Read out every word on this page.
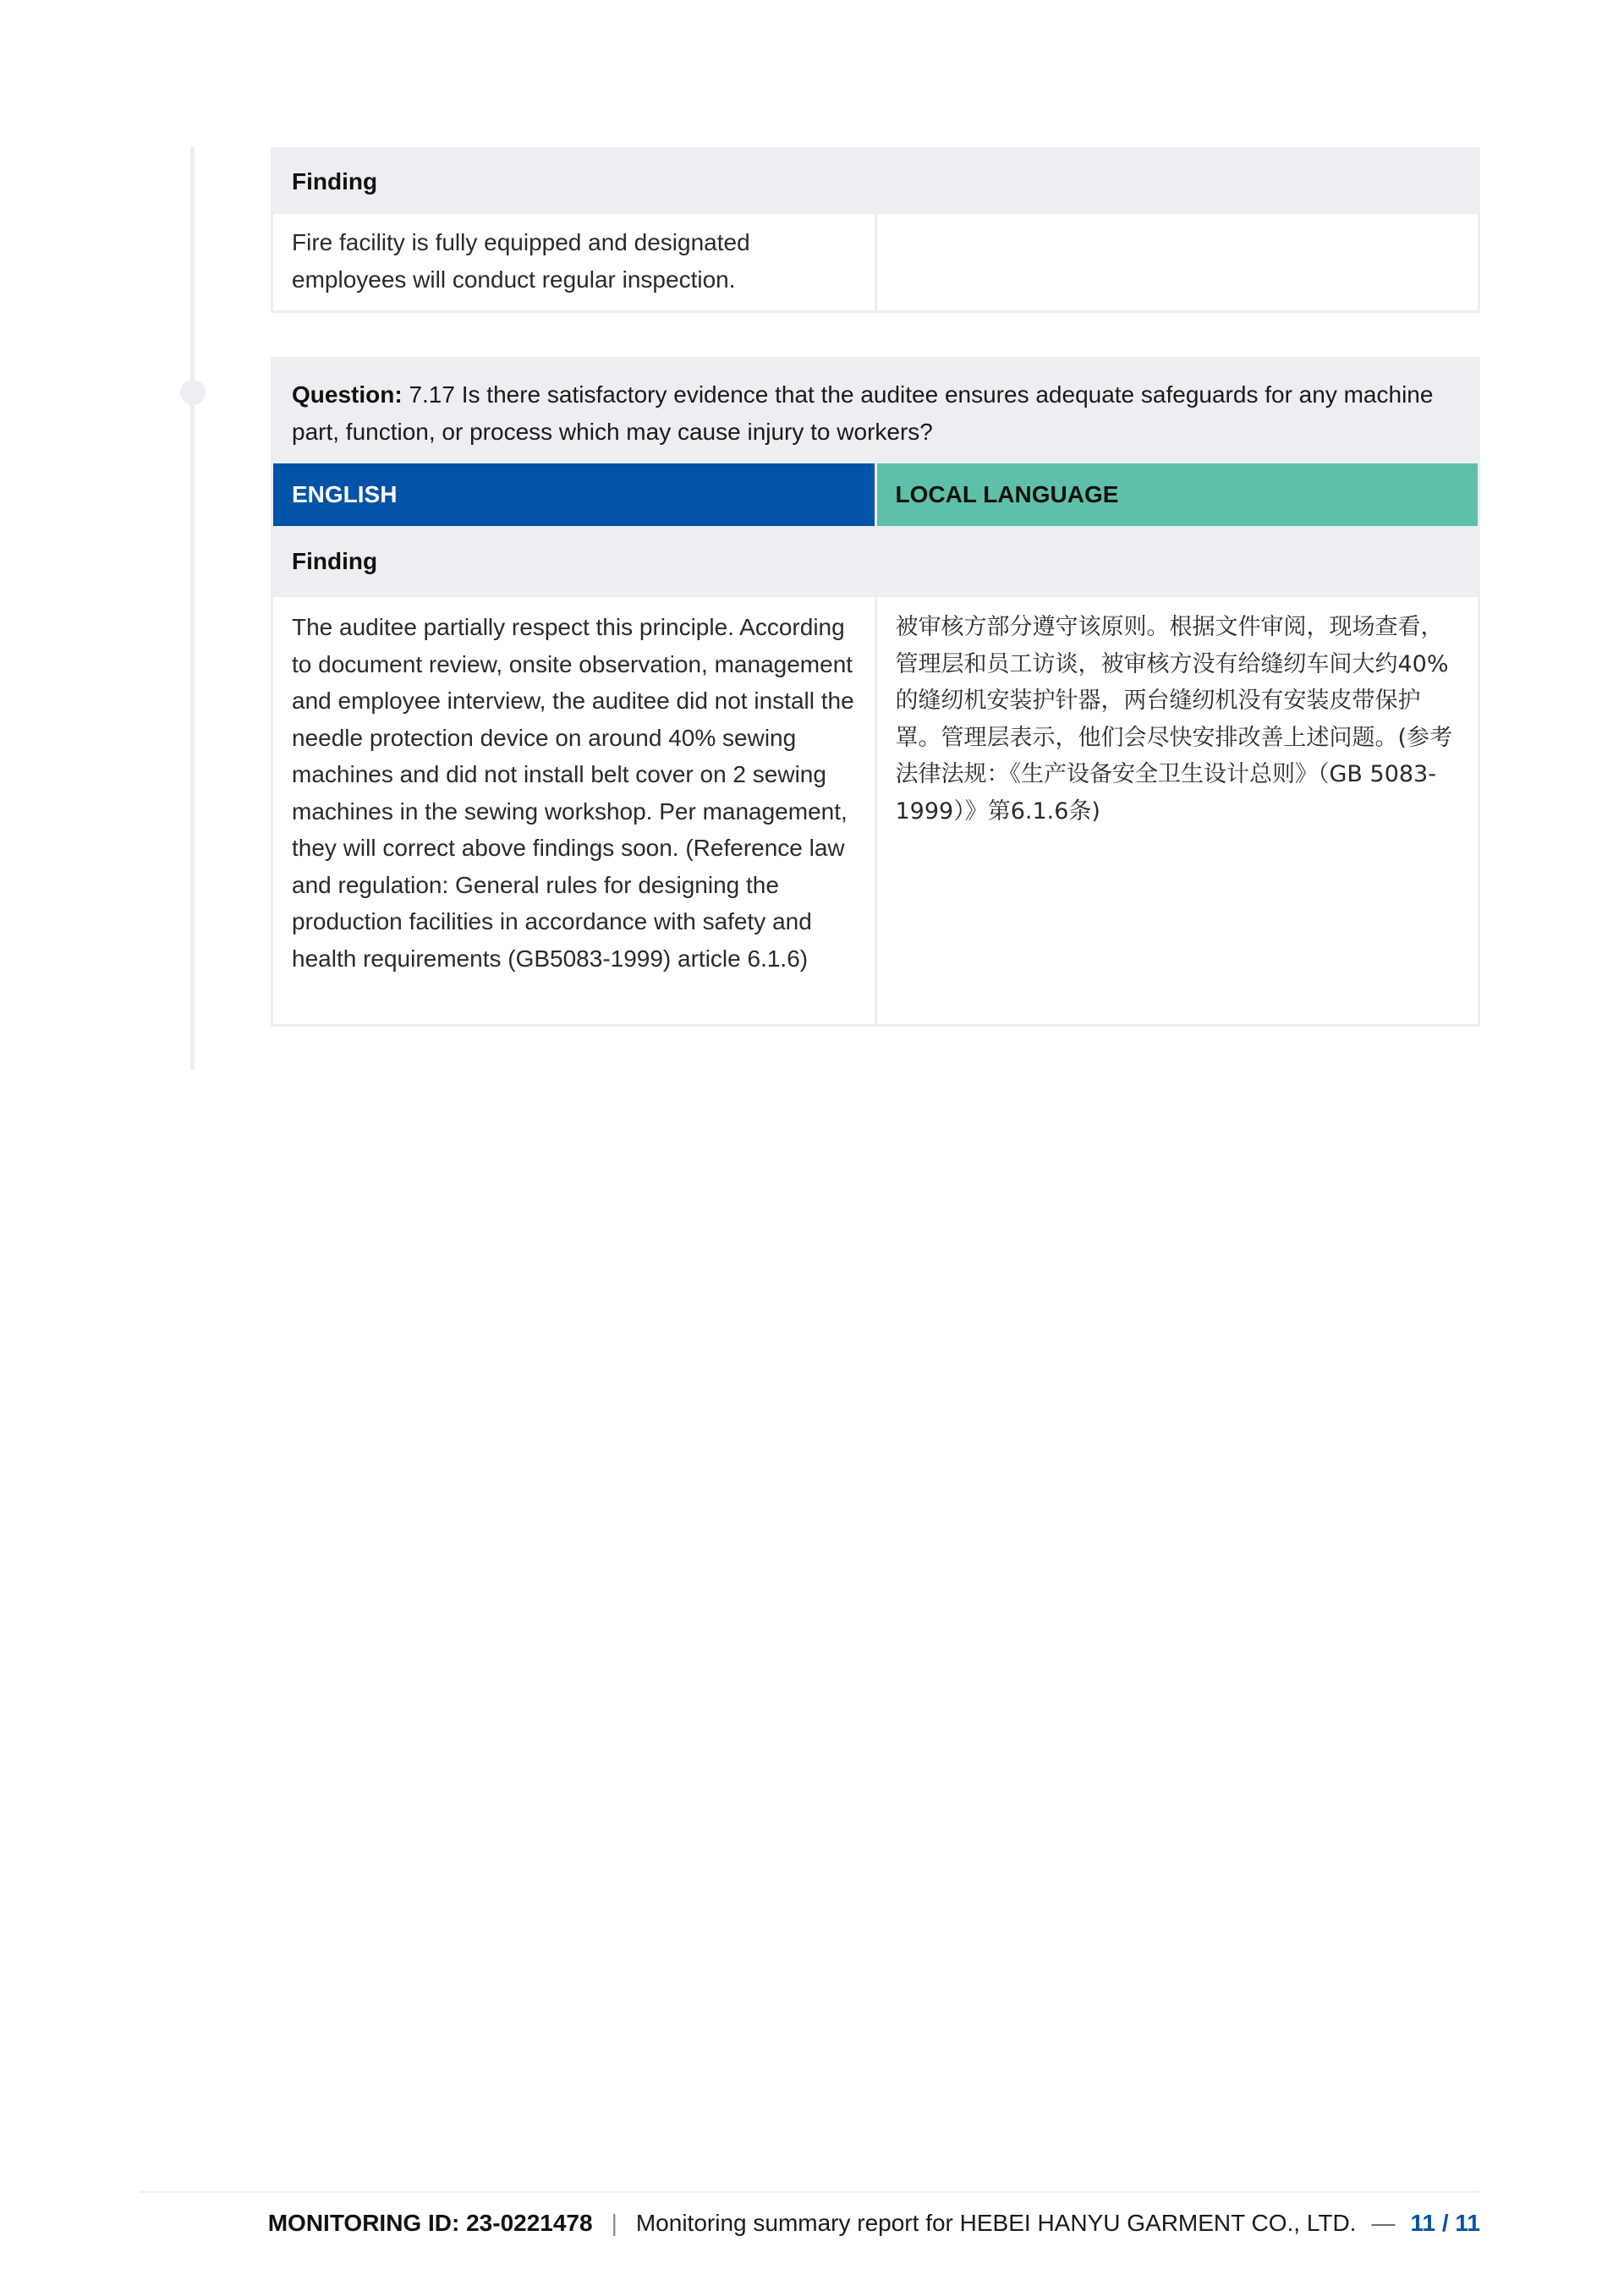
Finding
Fire facility is fully equipped and designated employees will conduct regular inspection.
Question: 7.17 Is there satisfactory evidence that the auditee ensures adequate safeguards for any machine part, function, or process which may cause injury to workers?
ENGLISH	LOCAL LANGUAGE
Finding
The auditee partially respect this principle. According to document review, onsite observation, management and employee interview, the auditee did not install the needle protection device on around 40% sewing machines and did not install belt cover on 2 sewing machines in the sewing workshop. Per management, they will correct above findings soon. (Reference law and regulation: General rules for designing the production facilities in accordance with safety and health requirements (GB5083-1999) article 6.1.6)
被审核方部分遵守该原则。根据文件审阅，现场查看，管理层和员工访谈，被审核方没有给缝纫车间大约40%的缝纫机安装护针器，两台缝纫机没有安装皮带保护罩。管理层表示，他们会尽快安排改善上述问题。(参考法律法规：《生产设备安全卫生设计总则》（GB 5083-1999）》第6.1.6条)
MONITORING ID: 23-0221478 | Monitoring summary report for HEBEI HANYU GARMENT CO., LTD. — 11 / 11
